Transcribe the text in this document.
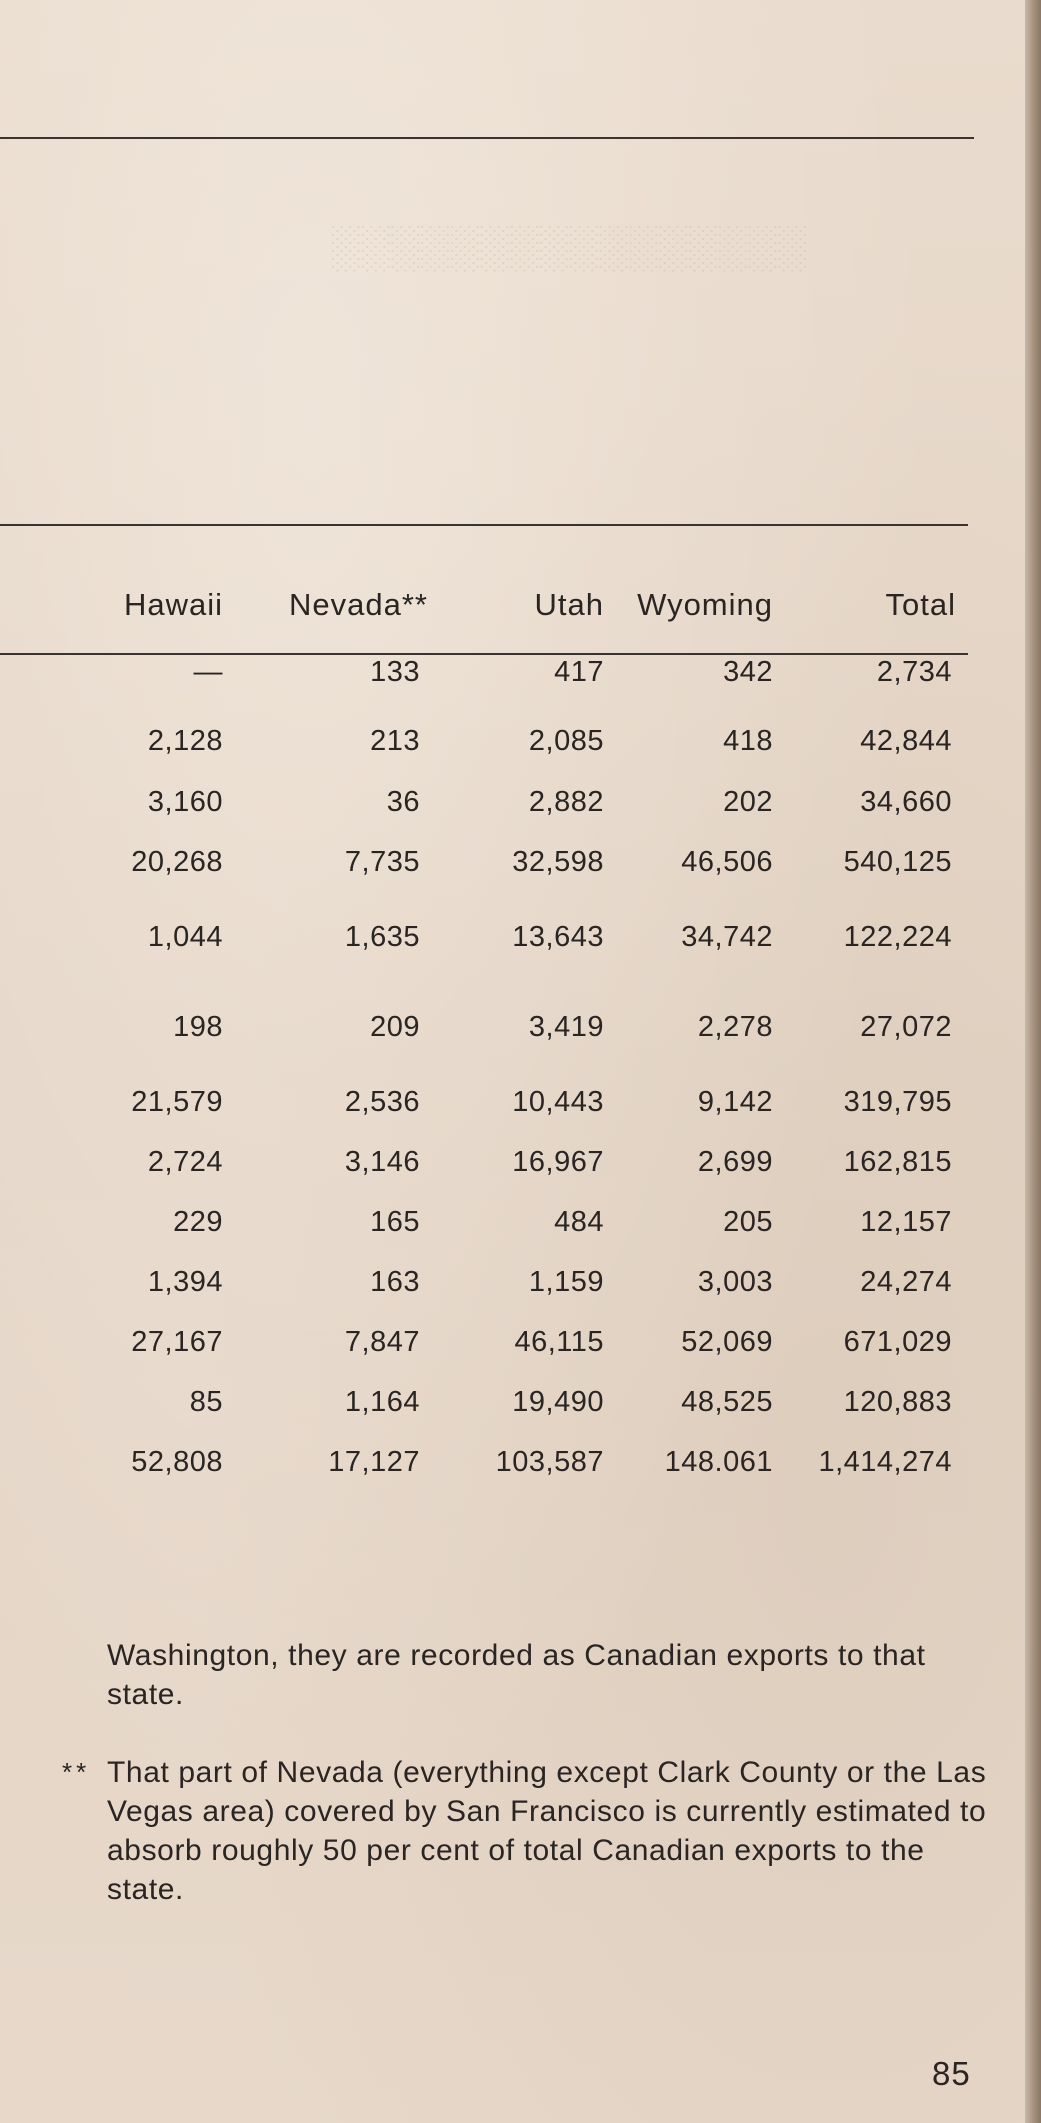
░░░░░░░░░░░░░░░░
Hawaii	Nevada**	Utah	Wyoming	Total
—	133	417	342	2,734
2,128	213	2,085	418	42,844
3,160	36	2,882	202	34,660
20,268	7,735	32,598	46,506	540,125
1,044	1,635	13,643	34,742	122,224
198	209	3,419	2,278	27,072
21,579	2,536	10,443	9,142	319,795
2,724	3,146	16,967	2,699	162,815
229	165	484	205	12,157
1,394	163	1,159	3,003	24,274
27,167	7,847	46,115	52,069	671,029
85	1,164	19,490	48,525	120,883
52,808	17,127	103,587	148.061	1,414,274
Washington, they are recorded as Canadian exports to that state.
** That part of Nevada (everything except Clark County or the Las Vegas area) covered by San Francisco is currently estimated to absorb roughly 50 per cent of total Canadian exports to the state.
85
